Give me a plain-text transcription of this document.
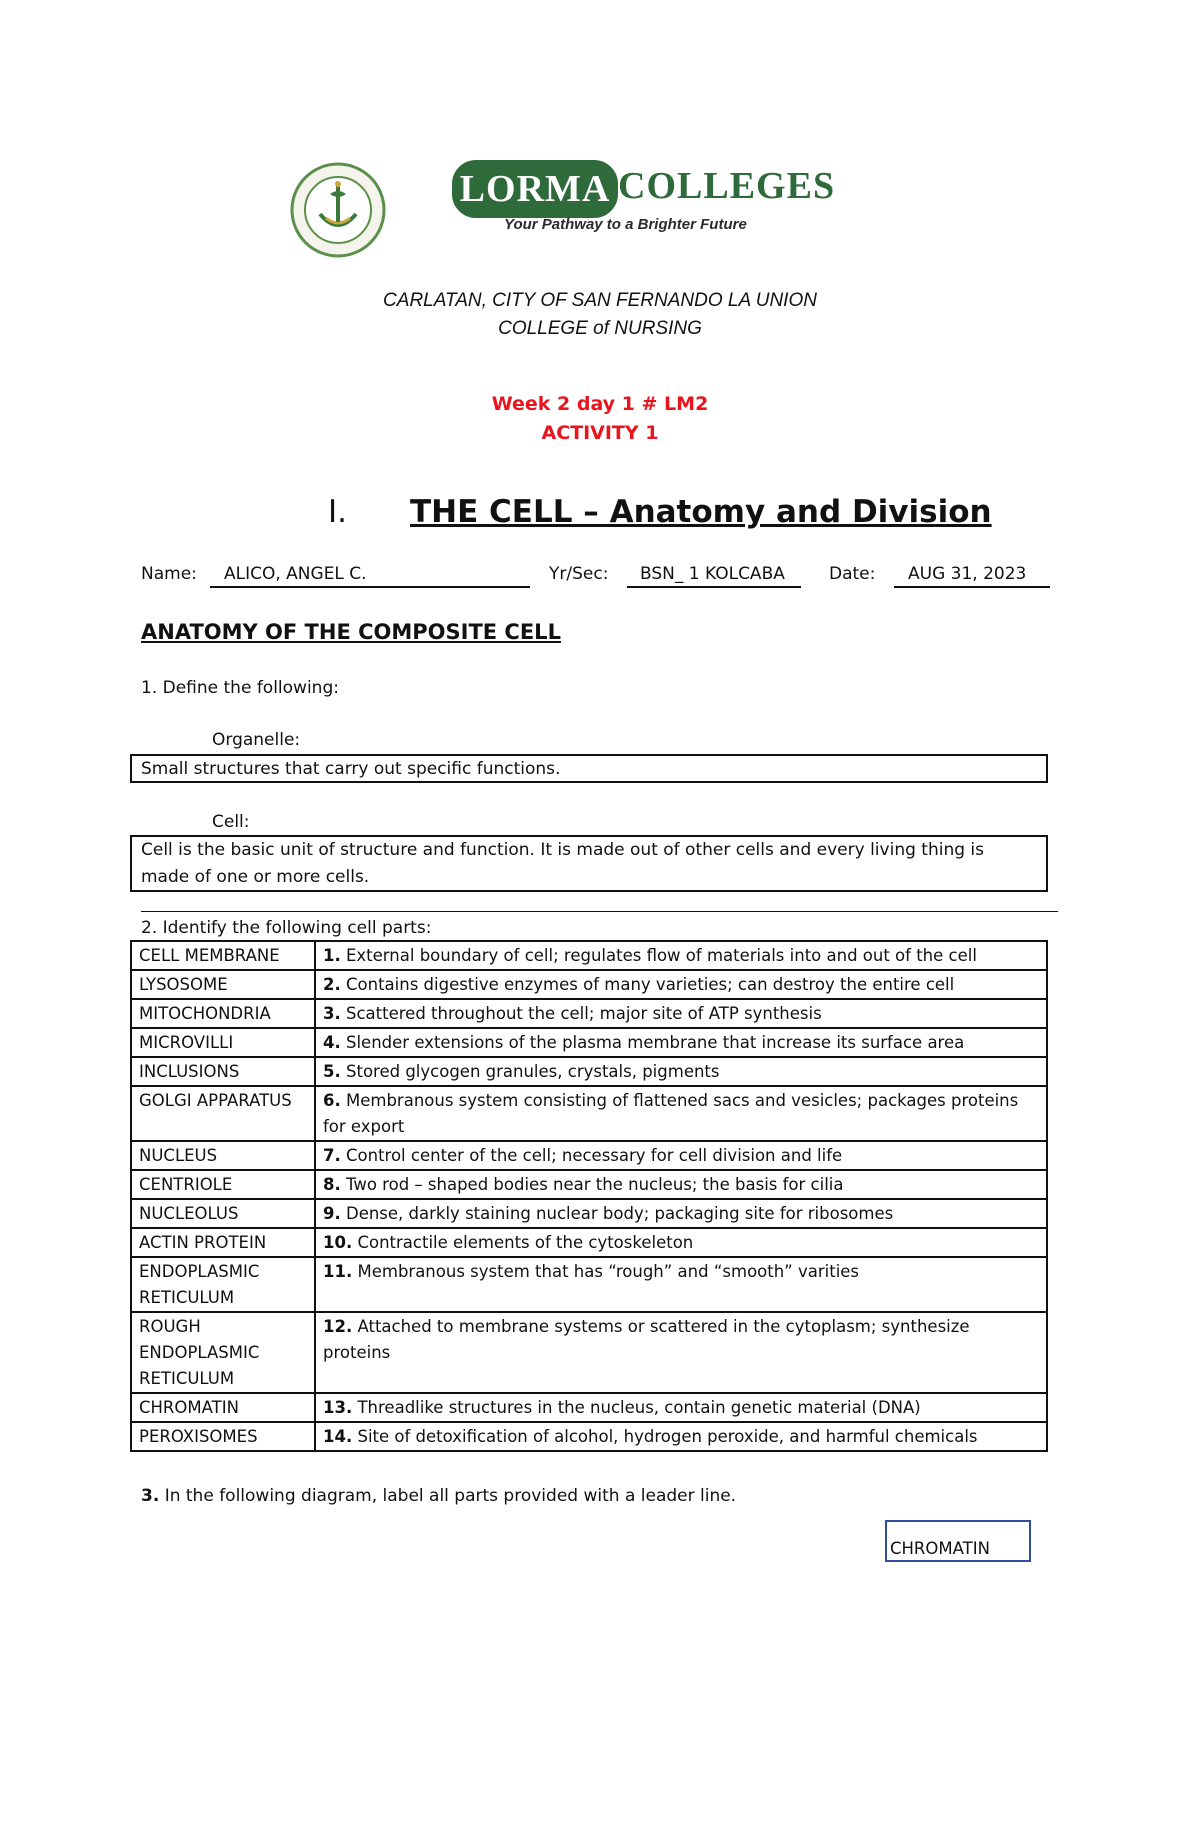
LORMA COLLEGES
Your Pathway to a Brighter Future
CARLATAN, CITY OF SAN FERNANDO LA UNION
COLLEGE of NURSING
Week 2 day 1 # LM2
ACTIVITY 1
I. THE CELL – Anatomy and Division
Name: ALICO, ANGEL C.	Yr/Sec: BSN_ 1 KOLCABA	Date: AUG 31, 2023
ANATOMY OF THE COMPOSITE CELL
1. Define the following:
Organelle:
Small structures that carry out specific functions.
Cell:
Cell is the basic unit of structure and function. It is made out of other cells and every living thing is
made of one or more cells.
2. Identify the following cell parts:
CELL MEMBRANE	1. External boundary of cell; regulates flow of materials into and out of the cell
LYSOSOME	2. Contains digestive enzymes of many varieties; can destroy the entire cell
MITOCHONDRIA	3. Scattered throughout the cell; major site of ATP synthesis
MICROVILLI	4. Slender extensions of the plasma membrane that increase its surface area
INCLUSIONS	5. Stored glycogen granules, crystals, pigments
GOLGI APPARATUS	6. Membranous system consisting of flattened sacs and vesicles; packages proteins for export
NUCLEUS	7. Control center of the cell; necessary for cell division and life
CENTRIOLE	8. Two rod – shaped bodies near the nucleus; the basis for cilia
NUCLEOLUS	9. Dense, darkly staining nuclear body; packaging site for ribosomes
ACTIN PROTEIN	10. Contractile elements of the cytoskeleton
ENDOPLASMIC RETICULUM	11. Membranous system that has “rough” and “smooth” varities
ROUGH ENDOPLASMIC RETICULUM	12. Attached to membrane systems or scattered in the cytoplasm; synthesize proteins
CHROMATIN	13. Threadlike structures in the nucleus, contain genetic material (DNA)
PEROXISOMES	14. Site of detoxification of alcohol, hydrogen peroxide, and harmful chemicals
3. In the following diagram, label all parts provided with a leader line.
CHROMATIN
